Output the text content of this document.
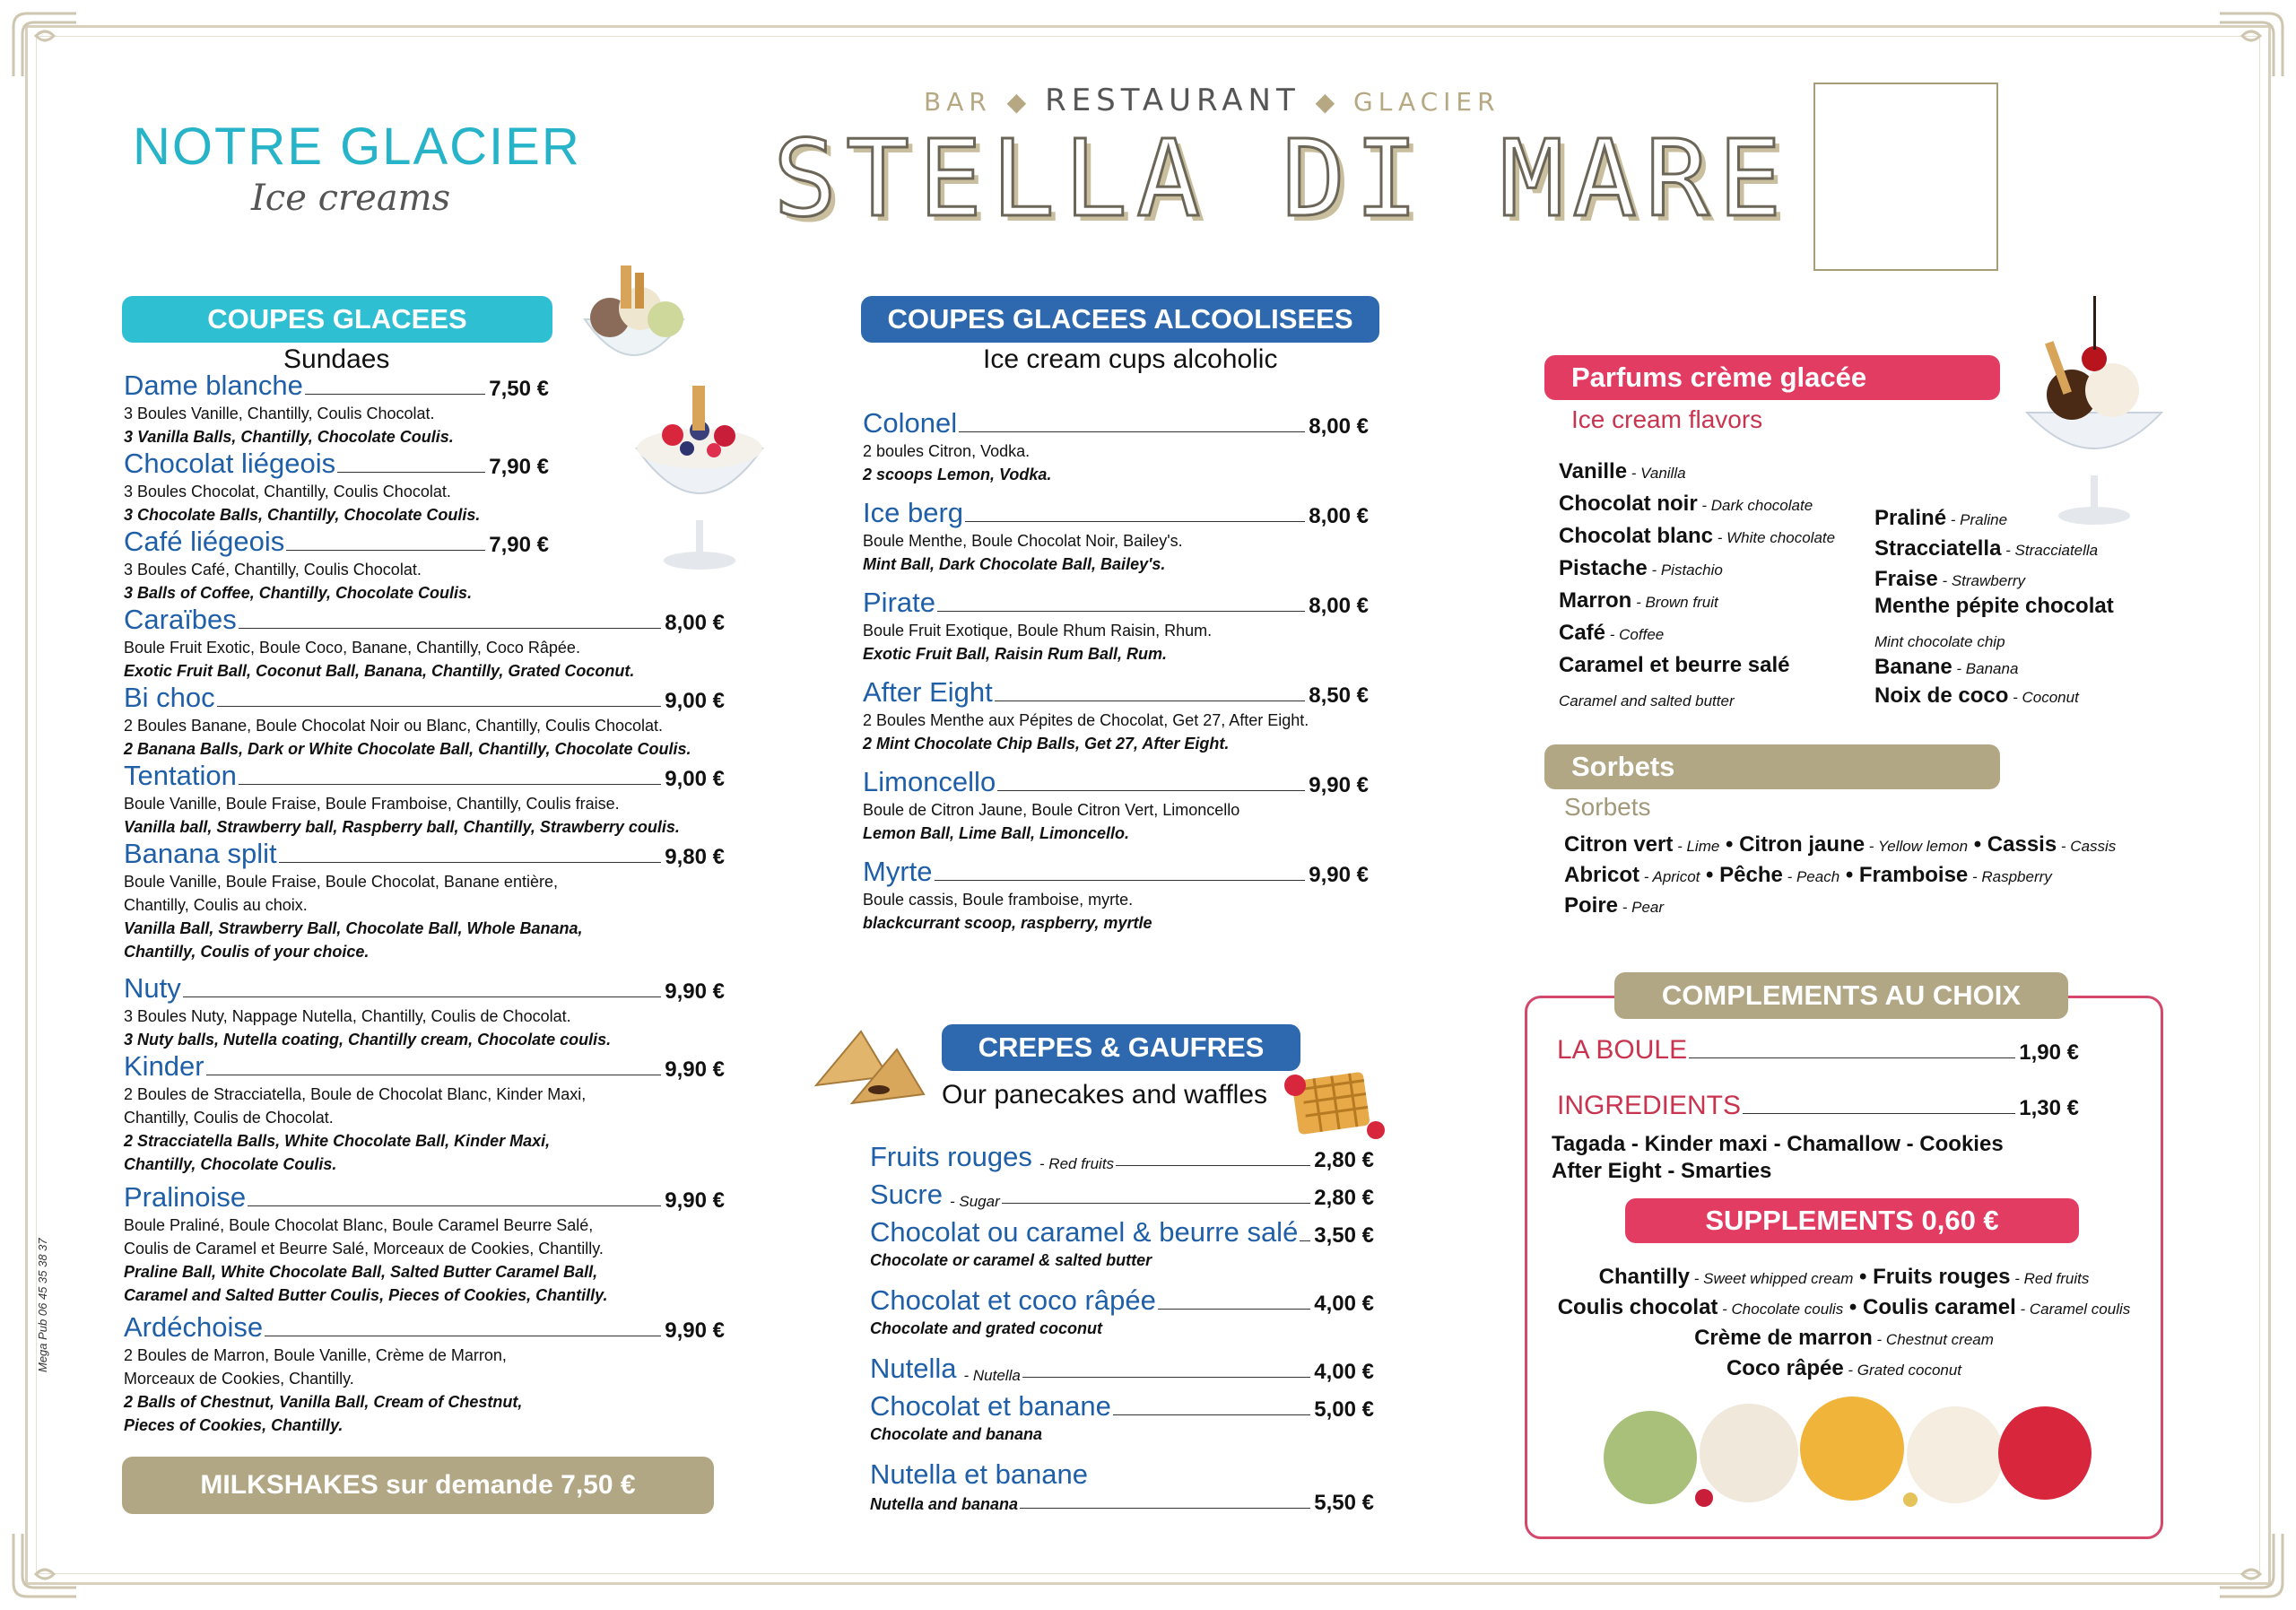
NOTRE GLACIER
Ice creams
BAR ◆ RESTAURANT ◆ GLACIER
STELLA DI MARE
COUPES GLACEES
Sundaes
Dame blanche	7,50 €
3 Boules Vanille, Chantilly, Coulis Chocolat.
3 Vanilla Balls, Chantilly, Chocolate Coulis.
Chocolat liégeois	7,90 €
3 Boules Chocolat, Chantilly, Coulis Chocolat.
3 Chocolate Balls, Chantilly, Chocolate Coulis.
Café liégeois	7,90 €
3 Boules Café, Chantilly, Coulis Chocolat.
3 Balls of Coffee, Chantilly, Chocolate Coulis.
Caraïbes	8,00 €
Boule Fruit Exotic, Boule Coco, Banane, Chantilly, Coco Râpée.
Exotic Fruit Ball, Coconut Ball, Banana, Chantilly, Grated Coconut.
Bi choc	9,00 €
2 Boules Banane, Boule Chocolat Noir ou Blanc, Chantilly, Coulis Chocolat.
2 Banana Balls, Dark or White Chocolate Ball, Chantilly, Chocolate Coulis.
Tentation	9,00 €
Boule Vanille, Boule Fraise, Boule Framboise, Chantilly, Coulis fraise.
Vanilla ball, Strawberry ball, Raspberry ball, Chantilly, Strawberry coulis.
Banana split	9,80 €
Boule Vanille, Boule Fraise, Boule Chocolat, Banane entière,
Chantilly, Coulis au choix.
Vanilla Ball, Strawberry Ball, Chocolate Ball, Whole Banana,
Chantilly, Coulis of your choice.
Nuty	9,90 €
3 Boules Nuty, Nappage Nutella, Chantilly, Coulis de Chocolat.
3 Nuty balls, Nutella coating, Chantilly cream, Chocolate coulis.
Kinder	9,90 €
2 Boules de Stracciatella, Boule de Chocolat Blanc, Kinder Maxi,
Chantilly, Coulis de Chocolat.
2 Stracciatella Balls, White Chocolate Ball, Kinder Maxi,
Chantilly, Chocolate Coulis.
Pralinoise	9,90 €
Boule Praliné, Boule Chocolat Blanc, Boule Caramel Beurre Salé,
Coulis de Caramel et Beurre Salé, Morceaux de Cookies, Chantilly.
Praline Ball, White Chocolate Ball, Salted Butter Caramel Ball,
Caramel and Salted Butter Coulis, Pieces of Cookies, Chantilly.
Ardéchoise	9,90 €
2 Boules de Marron, Boule Vanille, Crème de Marron,
Morceaux de Cookies, Chantilly.
2 Balls of Chestnut, Vanilla Ball, Cream of Chestnut,
Pieces of Cookies, Chantilly.
MILKSHAKES sur demande 7,50 €
Mega Pub 06 45 35 38 37
COUPES GLACEES ALCOOLISEES
Ice cream cups alcoholic
Colonel	8,00 €
2 boules Citron, Vodka.
2 scoops Lemon, Vodka.
Ice berg	8,00 €
Boule Menthe, Boule Chocolat Noir, Bailey's.
Mint Ball, Dark Chocolate Ball, Bailey's.
Pirate	8,00 €
Boule Fruit Exotique, Boule Rhum Raisin, Rhum.
Exotic Fruit Ball, Raisin Rum Ball, Rum.
After Eight	8,50 €
2 Boules Menthe aux Pépites de Chocolat, Get 27, After Eight.
2 Mint Chocolate Chip Balls, Get 27, After Eight.
Limoncello	9,90 €
Boule de Citron Jaune, Boule Citron Vert, Limoncello
Lemon Ball, Lime Ball, Limoncello.
Myrte	9,90 €
Boule cassis, Boule framboise, myrte.
blackcurrant scoop, raspberry, myrtle
CREPES & GAUFRES
Our panecakes and waffles
Fruits rouges - Red fruits	2,80 €
Sucre - Sugar	2,80 €
Chocolat ou caramel & beurre salé 3,50 €
Chocolate or caramel & salted butter
Chocolat et coco râpée	4,00 €
Chocolate and grated coconut
Nutella - Nutella	4,00 €
Chocolat et banane	5,00 €
Chocolate and banana
Nutella et banane
Nutella and banana	5,50 €
Parfums crème glacée
Ice cream flavors
Vanille - Vanilla
Chocolat noir - Dark chocolate
Chocolat blanc - White chocolate
Pistache - Pistachio
Marron - Brown fruit
Café - Coffee
Caramel et beurre salé
Caramel and salted butter
Praliné - Praline
Stracciatella - Stracciatella
Fraise - Strawberry
Menthe pépite chocolat
Mint chocolate chip
Banane - Banana
Noix de coco - Coconut
Sorbets
Sorbets
Citron vert - Lime • Citron jaune - Yellow lemon • Cassis - Cassis
Abricot - Apricot • Pêche - Peach • Framboise - Raspberry
Poire - Pear
COMPLEMENTS AU CHOIX
LA BOULE	1,90 €
INGREDIENTS	1,30 €
Tagada - Kinder maxi - Chamallow - Cookies
After Eight - Smarties
SUPPLEMENTS 0,60 €
Chantilly - Sweet whipped cream • Fruits rouges - Red fruits
Coulis chocolat - Chocolate coulis • Coulis caramel - Caramel coulis
Crème de marron - Chestnut cream
Coco râpée - Grated coconut
